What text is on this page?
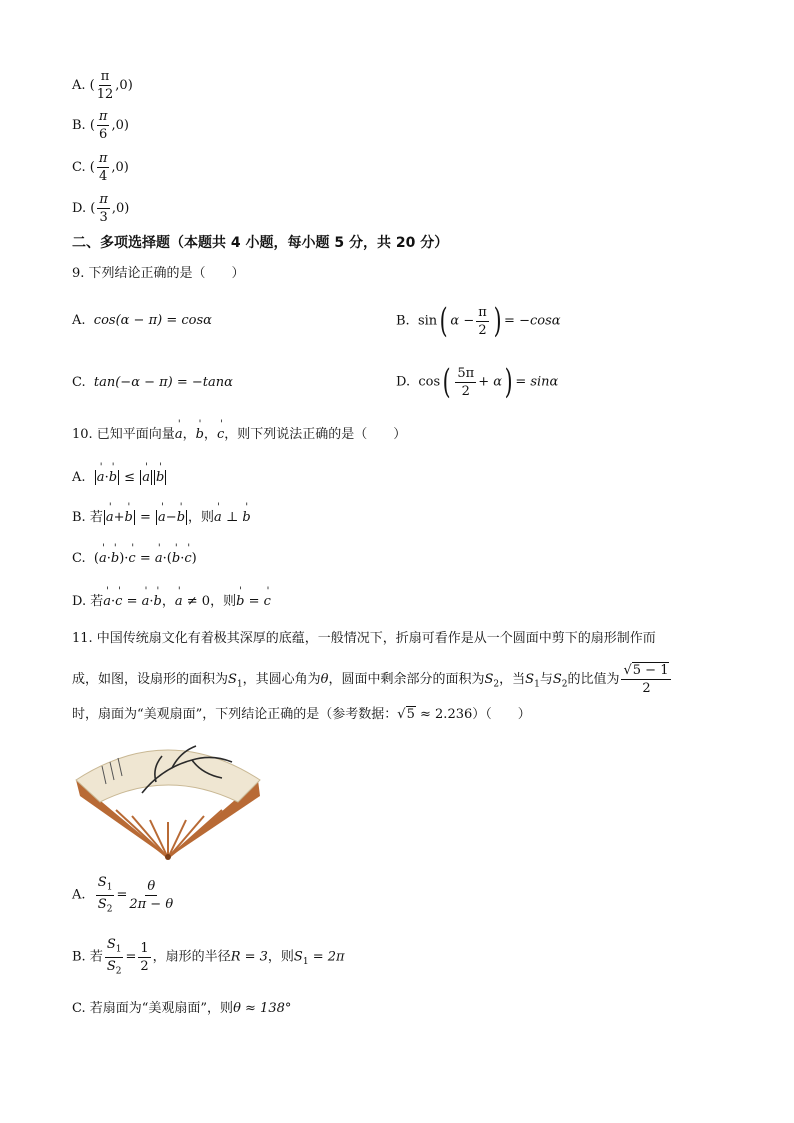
A. ( $\frac{\pi}{12} ,0$)
B. ( $\frac{\pi}{6} ,0$)
C. ( $\frac{\pi}{4} ,0$)
D. ( $\frac{\pi}{3} ,0$)
二、多项选择题（本题共 4 小题，每小题 5 分，共 20 分）
9. 下列结论正确的是（　　）
A. cos(α − π) = cosα	B. sin( $\alpha - \frac{\pi}{2}$ ) = −cosα
C. tan(−α − π) = −tanα	D. $\cos( \frac{5\pi}{2} + \alpha) = \sin\alpha$
10. 已知平面向量' a，' b，' c，则下列说法正确的是（　　）
A. ' a·' b ≤ ' a ' b
B. 若 ' a+' b = ' a−' b ，则' a ⊥ ' b
C.  (' a·' b)·' c = ' a·(' b·' c)
D. 若' a·' c = ' a·' b，' a ≠ 0，则' b = ' c
11. 中国传统扇文化有着极其深厚的底蕴，一般情况下，折扇可看作是从一个圆面中剪下的扇形制作而
成，如图，设扇形的面积为$S_1$，其圆心角为θ，圆面中剩余部分的面积为$S_2$，当$S_1$与$S_2$的比值为 $\frac{√5 - 1}{2}$
时，扇面为“美观扇面”，下列结论正确的是（参考数据：√5 ≈ 2.236）（　　）
A. $\frac{S_1}{S_2} = \frac{\theta}{2\pi - \theta}$
B. 若 $\frac{S_1}{S_2} = \frac{1}{2}$ ，扇形的半径R = 3，则$S_1 = 2\pi$
C. 若扇面为“美观扇面”，则θ ≈ 138°
